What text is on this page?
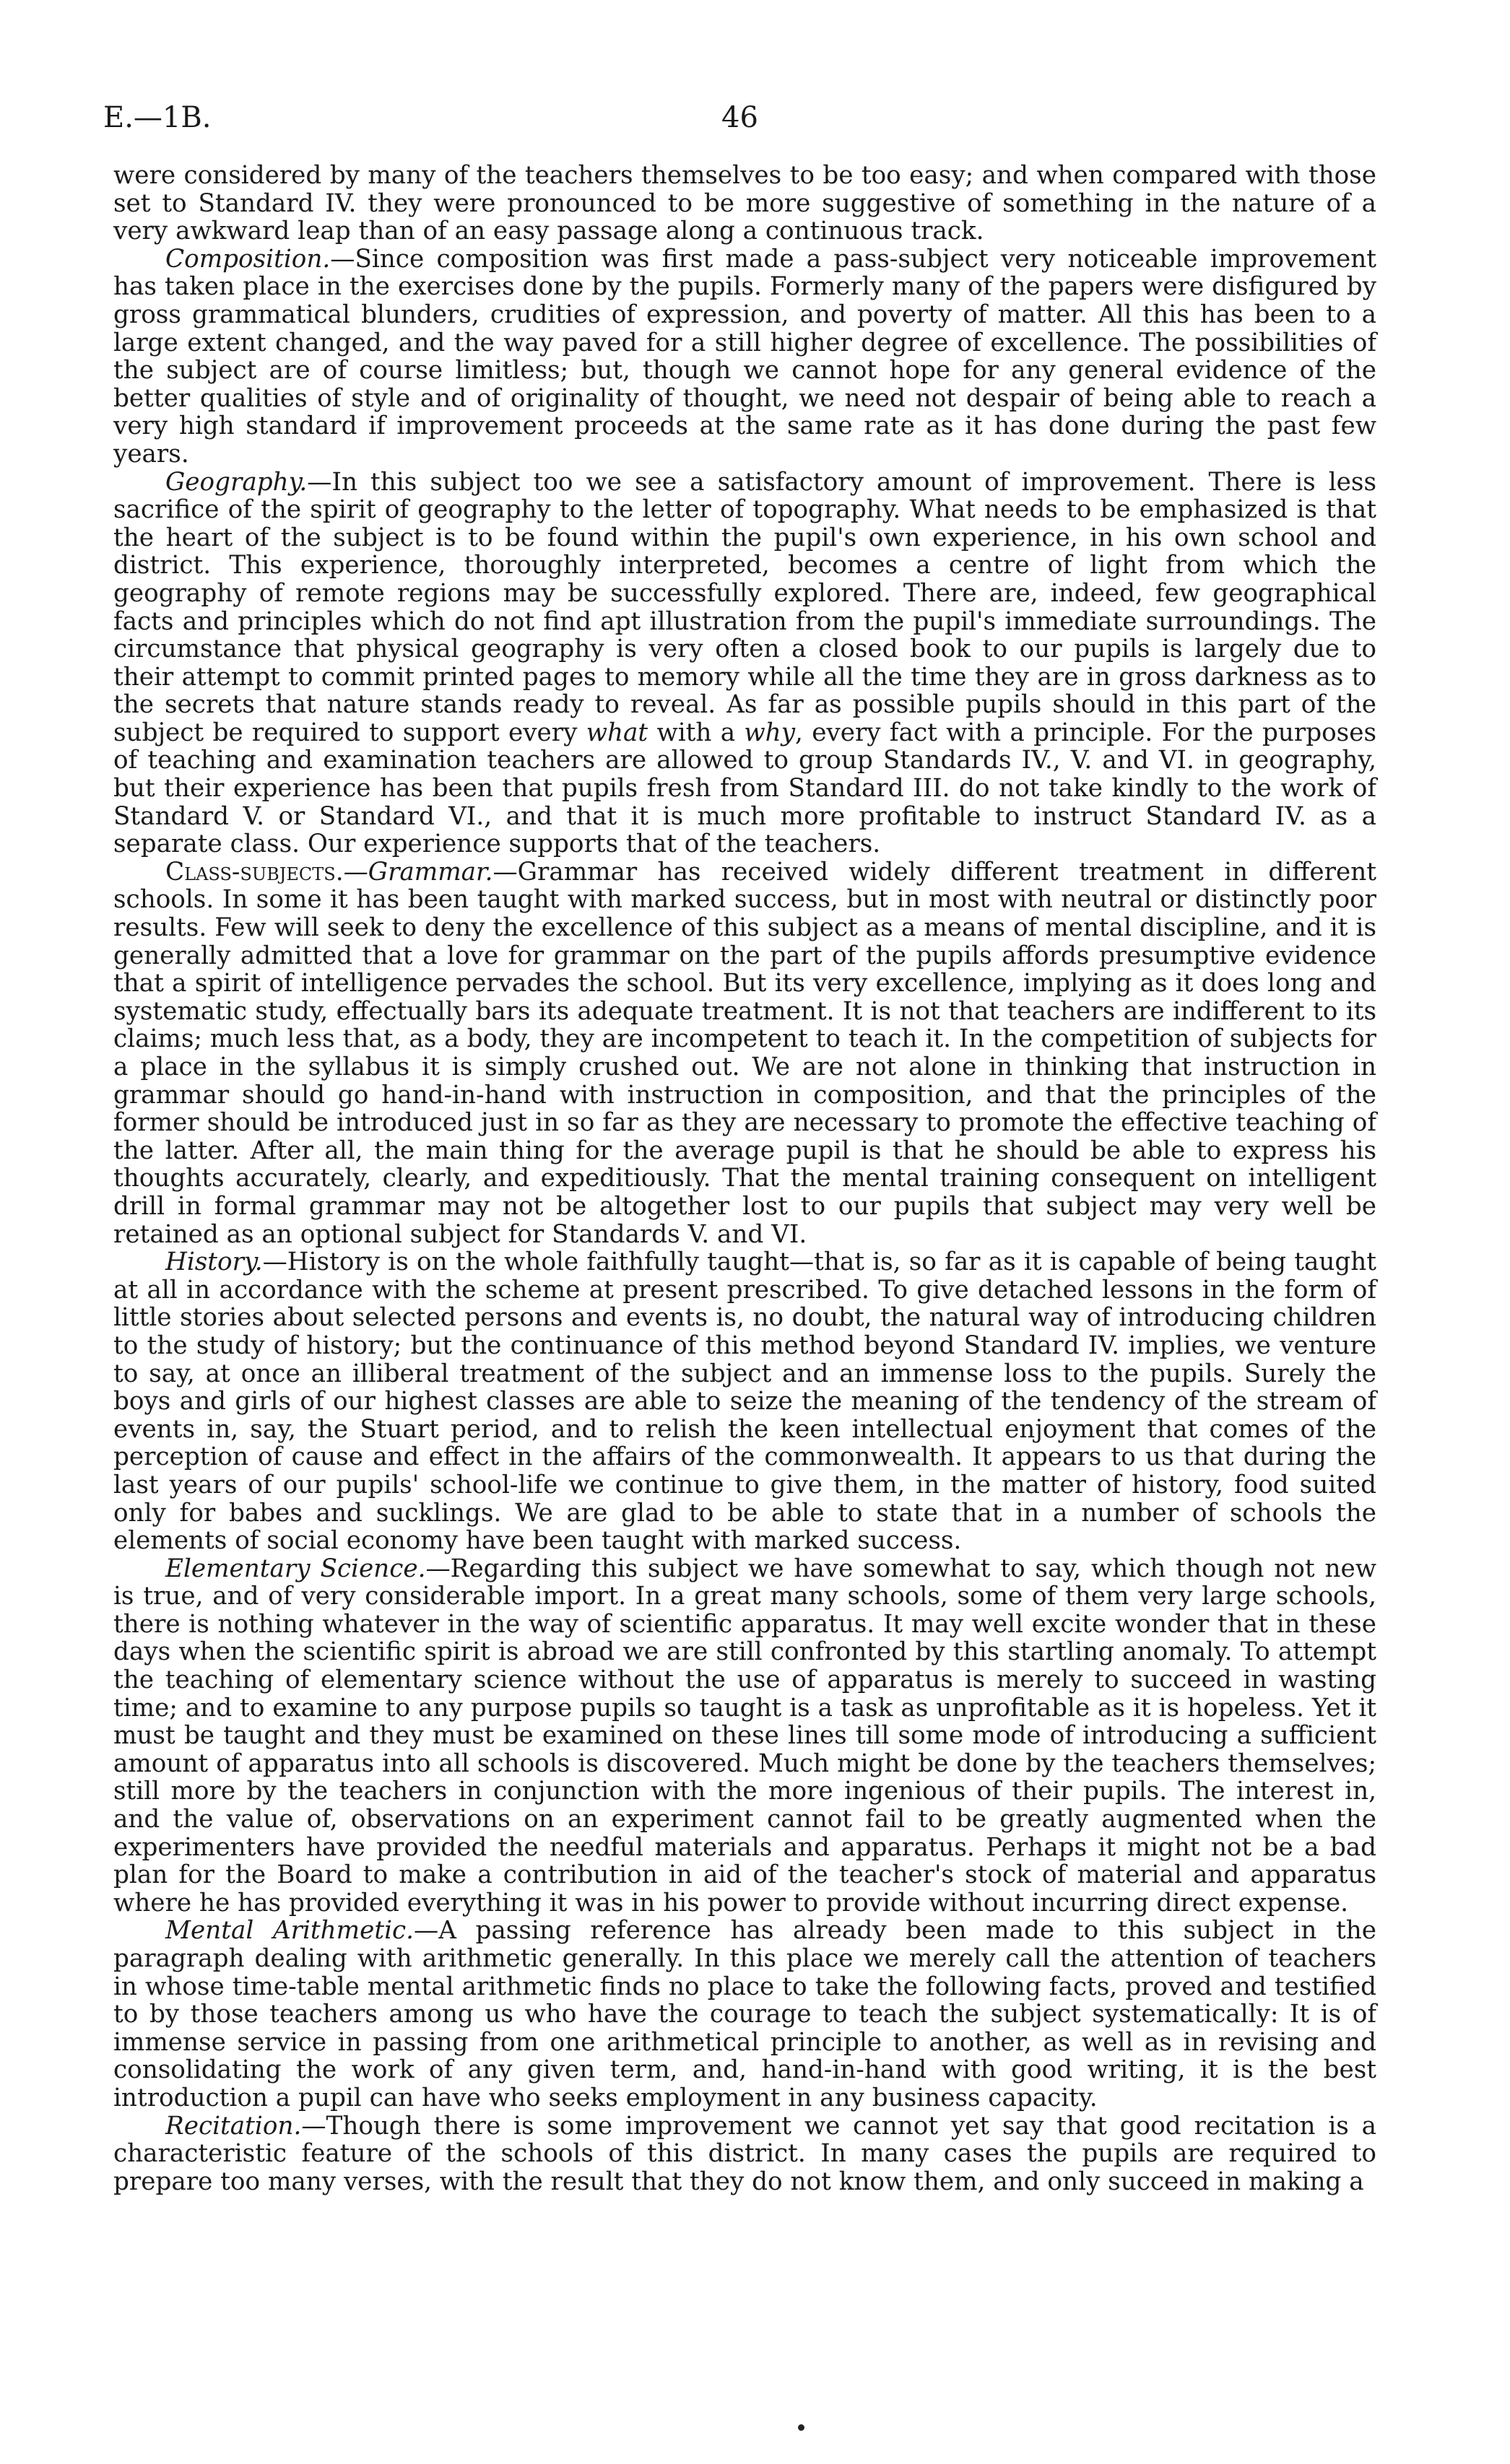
E.—1B.	46

were considered by many of the teachers themselves to be too easy; and when compared with those set to Standard IV. they were pronounced to be more suggestive of something in the nature of a very awkward leap than of an easy passage along a continuous track.

Composition.—Since composition was first made a pass-subject very noticeable improvement has taken place in the exercises done by the pupils. Formerly many of the papers were disfigured by gross grammatical blunders, crudities of expression, and poverty of matter. All this has been to a large extent changed, and the way paved for a still higher degree of excellence. The possibilities of the subject are of course limitless; but, though we cannot hope for any general evidence of the better qualities of style and of originality of thought, we need not despair of being able to reach a very high standard if improvement proceeds at the same rate as it has done during the past few years.

Geography.—In this subject too we see a satisfactory amount of improvement. There is less sacrifice of the spirit of geography to the letter of topography. What needs to be emphasized is that the heart of the subject is to be found within the pupil's own experience, in his own school and district. This experience, thoroughly interpreted, becomes a centre of light from which the geography of remote regions may be successfully explored. There are, indeed, few geographical facts and principles which do not find apt illustration from the pupil's immediate surroundings. The circumstance that physical geography is very often a closed book to our pupils is largely due to their attempt to commit printed pages to memory while all the time they are in gross darkness as to the secrets that nature stands ready to reveal. As far as possible pupils should in this part of the subject be required to support every what with a why, every fact with a principle. For the purposes of teaching and examination teachers are allowed to group Standards IV., V. and VI. in geography, but their experience has been that pupils fresh from Standard III. do not take kindly to the work of Standard V. or Standard VI., and that it is much more profitable to instruct Standard IV. as a separate class. Our experience supports that of the teachers.

Class-subjects.—Grammar.—Grammar has received widely different treatment in different schools. In some it has been taught with marked success, but in most with neutral or distinctly poor results. Few will seek to deny the excellence of this subject as a means of mental discipline, and it is generally admitted that a love for grammar on the part of the pupils affords presumptive evidence that a spirit of intelligence pervades the school. But its very excellence, implying as it does long and systematic study, effectually bars its adequate treatment. It is not that teachers are indifferent to its claims; much less that, as a body, they are incompetent to teach it. In the competition of subjects for a place in the syllabus it is simply crushed out. We are not alone in thinking that instruction in grammar should go hand-in-hand with instruction in composition, and that the principles of the former should be introduced just in so far as they are necessary to promote the effective teaching of the latter. After all, the main thing for the average pupil is that he should be able to express his thoughts accurately, clearly, and expeditiously. That the mental training consequent on intelligent drill in formal grammar may not be altogether lost to our pupils that subject may very well be retained as an optional subject for Standards V. and VI.

History.—History is on the whole faithfully taught—that is, so far as it is capable of being taught at all in accordance with the scheme at present prescribed. To give detached lessons in the form of little stories about selected persons and events is, no doubt, the natural way of introducing children to the study of history; but the continuance of this method beyond Standard IV. implies, we venture to say, at once an illiberal treatment of the subject and an immense loss to the pupils. Surely the boys and girls of our highest classes are able to seize the meaning of the tendency of the stream of events in, say, the Stuart period, and to relish the keen intellectual enjoyment that comes of the perception of cause and effect in the affairs of the commonwealth. It appears to us that during the last years of our pupils' school-life we continue to give them, in the matter of history, food suited only for babes and sucklings. We are glad to be able to state that in a number of schools the elements of social economy have been taught with marked success.

Elementary Science.—Regarding this subject we have somewhat to say, which though not new is true, and of very considerable import. In a great many schools, some of them very large schools, there is nothing whatever in the way of scientific apparatus. It may well excite wonder that in these days when the scientific spirit is abroad we are still confronted by this startling anomaly. To attempt the teaching of elementary science without the use of apparatus is merely to succeed in wasting time; and to examine to any purpose pupils so taught is a task as unprofitable as it is hopeless. Yet it must be taught and they must be examined on these lines till some mode of introducing a sufficient amount of apparatus into all schools is discovered. Much might be done by the teachers themselves; still more by the teachers in conjunction with the more ingenious of their pupils. The interest in, and the value of, observations on an experiment cannot fail to be greatly augmented when the experimenters have provided the needful materials and apparatus. Perhaps it might not be a bad plan for the Board to make a contribution in aid of the teacher's stock of material and apparatus where he has provided everything it was in his power to provide without incurring direct expense.

Mental Arithmetic.—A passing reference has already been made to this subject in the paragraph dealing with arithmetic generally. In this place we merely call the attention of teachers in whose time-table mental arithmetic finds no place to take the following facts, proved and testified to by those teachers among us who have the courage to teach the subject systematically: It is of immense service in passing from one arithmetical principle to another, as well as in revising and consolidating the work of any given term, and, hand-in-hand with good writing, it is the best introduction a pupil can have who seeks employment in any business capacity.

Recitation.—Though there is some improvement we cannot yet say that good recitation is a characteristic feature of the schools of this district. In many cases the pupils are required to prepare too many verses, with the result that they do not know them, and only succeed in making a
